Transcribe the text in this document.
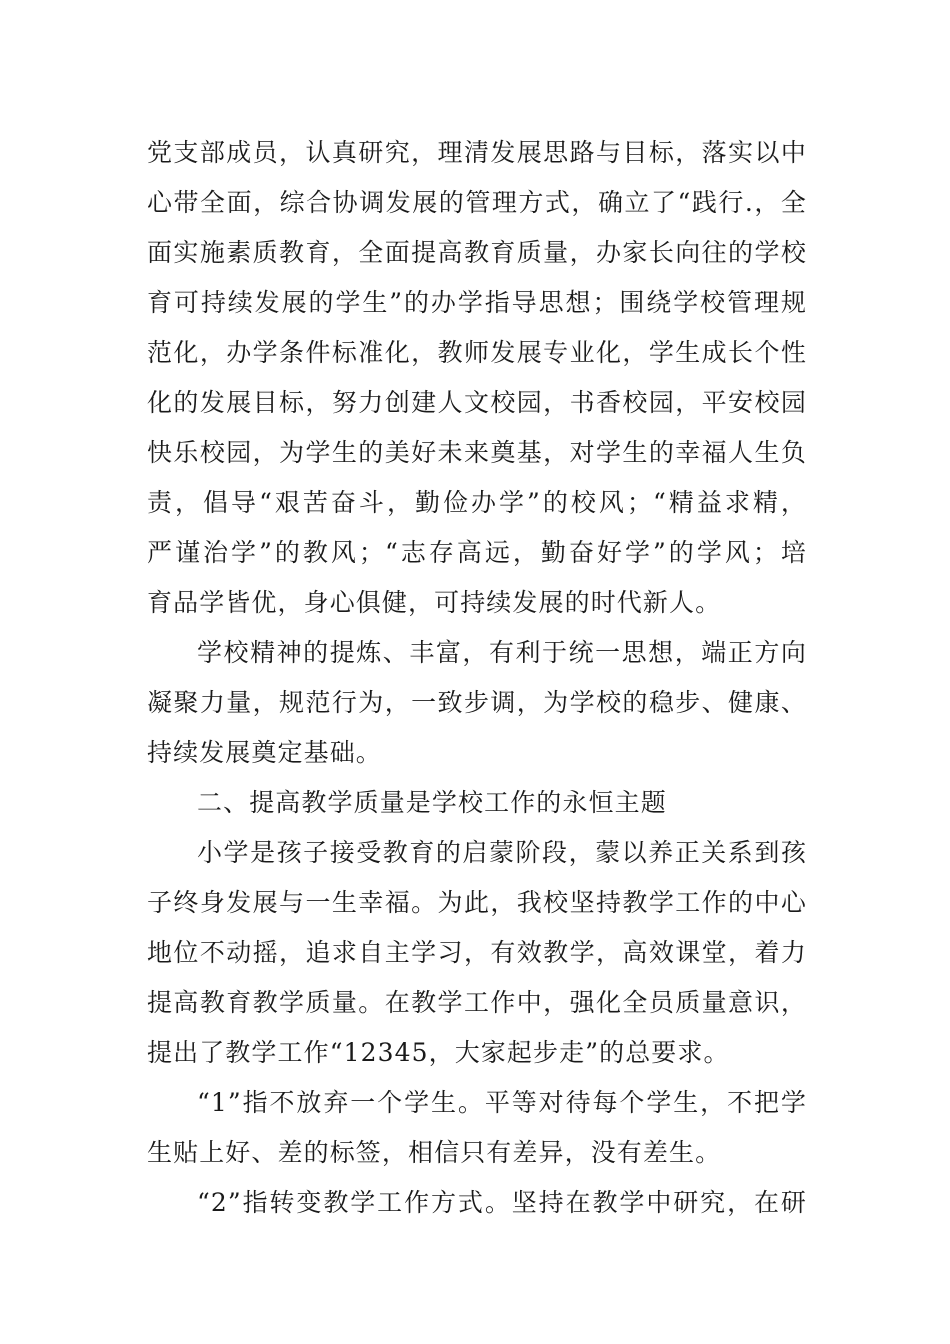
党支部成员，认真研究，理清发展思路与目标，落实以中
心带全面，综合协调发展的管理方式，确立了“践行.，全
面实施素质教育，全面提高教育质量，办家长向往的学校
育可持续发展的学生”的办学指导思想；围绕学校管理规
范化，办学条件标准化，教师发展专业化，学生成长个性
化的发展目标，努力创建人文校园，书香校园，平安校园
快乐校园，为学生的美好未来奠基，对学生的幸福人生负
责，倡导“艰苦奋斗，勤俭办学”的校风；“精益求精，
严谨治学”的教风；“志存高远，勤奋好学”的学风；培
育品学皆优，身心俱健，可持续发展的时代新人。
学校精神的提炼、丰富，有利于统一思想，端正方向
凝聚力量，规范行为，一致步调，为学校的稳步、健康、
持续发展奠定基础。
二、提高教学质量是学校工作的永恒主题
小学是孩子接受教育的启蒙阶段，蒙以养正关系到孩
子终身发展与一生幸福。为此，我校坚持教学工作的中心
地位不动摇，追求自主学习，有效教学，高效课堂，着力
提高教育教学质量。在教学工作中，强化全员质量意识，
提出了教学工作“12345，大家起步走”的总要求。
“1”指不放弃一个学生。平等对待每个学生，不把学
生贴上好、差的标签，相信只有差异，没有差生。
“2”指转变教学工作方式。坚持在教学中研究，在研
